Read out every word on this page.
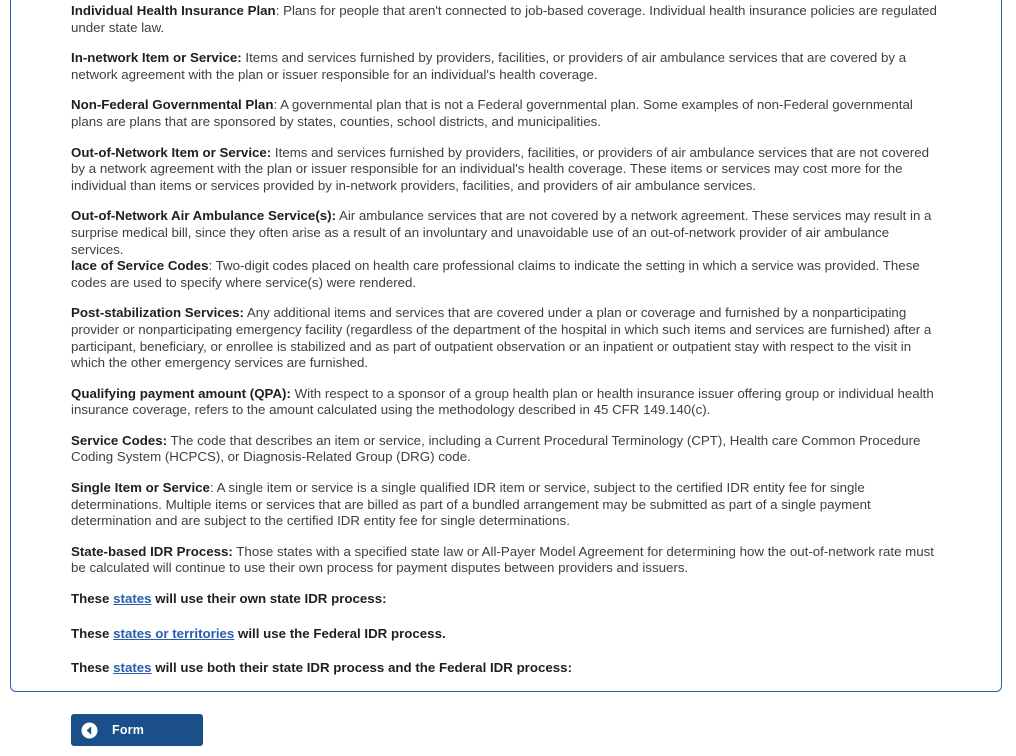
Individual Health Insurance Plan: Plans for people that aren't connected to job-based coverage. Individual health insurance policies are regulated under state law.

In-network Item or Service: Items and services furnished by providers, facilities, or providers of air ambulance services that are covered by a network agreement with the plan or issuer responsible for an individual's health coverage.

Non-Federal Governmental Plan: A governmental plan that is not a Federal governmental plan. Some examples of non-Federal governmental plans are plans that are sponsored by states, counties, school districts, and municipalities.

Out-of-Network Item or Service: Items and services furnished by providers, facilities, or providers of air ambulance services that are not covered by a network agreement with the plan or issuer responsible for an individual's health coverage. These items or services may cost more for the individual than items or services provided by in-network providers, facilities, and providers of air ambulance services.

Out-of-Network Air Ambulance Service(s): Air ambulance services that are not covered by a network agreement. These services may result in a surprise medical bill, since they often arise as a result of an involuntary and unavoidable use of an out-of-network provider of air ambulance services.
lace of Service Codes: Two-digit codes placed on health care professional claims to indicate the setting in which a service was provided. These codes are used to specify where service(s) were rendered.

Post-stabilization Services: Any additional items and services that are covered under a plan or coverage and furnished by a nonparticipating provider or nonparticipating emergency facility (regardless of the department of the hospital in which such items and services are furnished) after a participant, beneficiary, or enrollee is stabilized and as part of outpatient observation or an inpatient or outpatient stay with respect to the visit in which the other emergency services are furnished.

Qualifying payment amount (QPA): With respect to a sponsor of a group health plan or health insurance issuer offering group or individual health insurance coverage, refers to the amount calculated using the methodology described in 45 CFR 149.140(c).

Service Codes: The code that describes an item or service, including a Current Procedural Terminology (CPT), Health care Common Procedure Coding System (HCPCS), or Diagnosis-Related Group (DRG) code.

Single Item or Service: A single item or service is a single qualified IDR item or service, subject to the certified IDR entity fee for single determinations. Multiple items or services that are billed as part of a bundled arrangement may be submitted as part of a single payment determination and are subject to the certified IDR entity fee for single determinations.

State-based IDR Process: Those states with a specified state law or All-Payer Model Agreement for determining how the out-of-network rate must be calculated will continue to use their own process for payment disputes between providers and issuers.

These states will use their own state IDR process:

These states or territories will use the Federal IDR process.

These states will use both their state IDR process and the Federal IDR process:

Form
